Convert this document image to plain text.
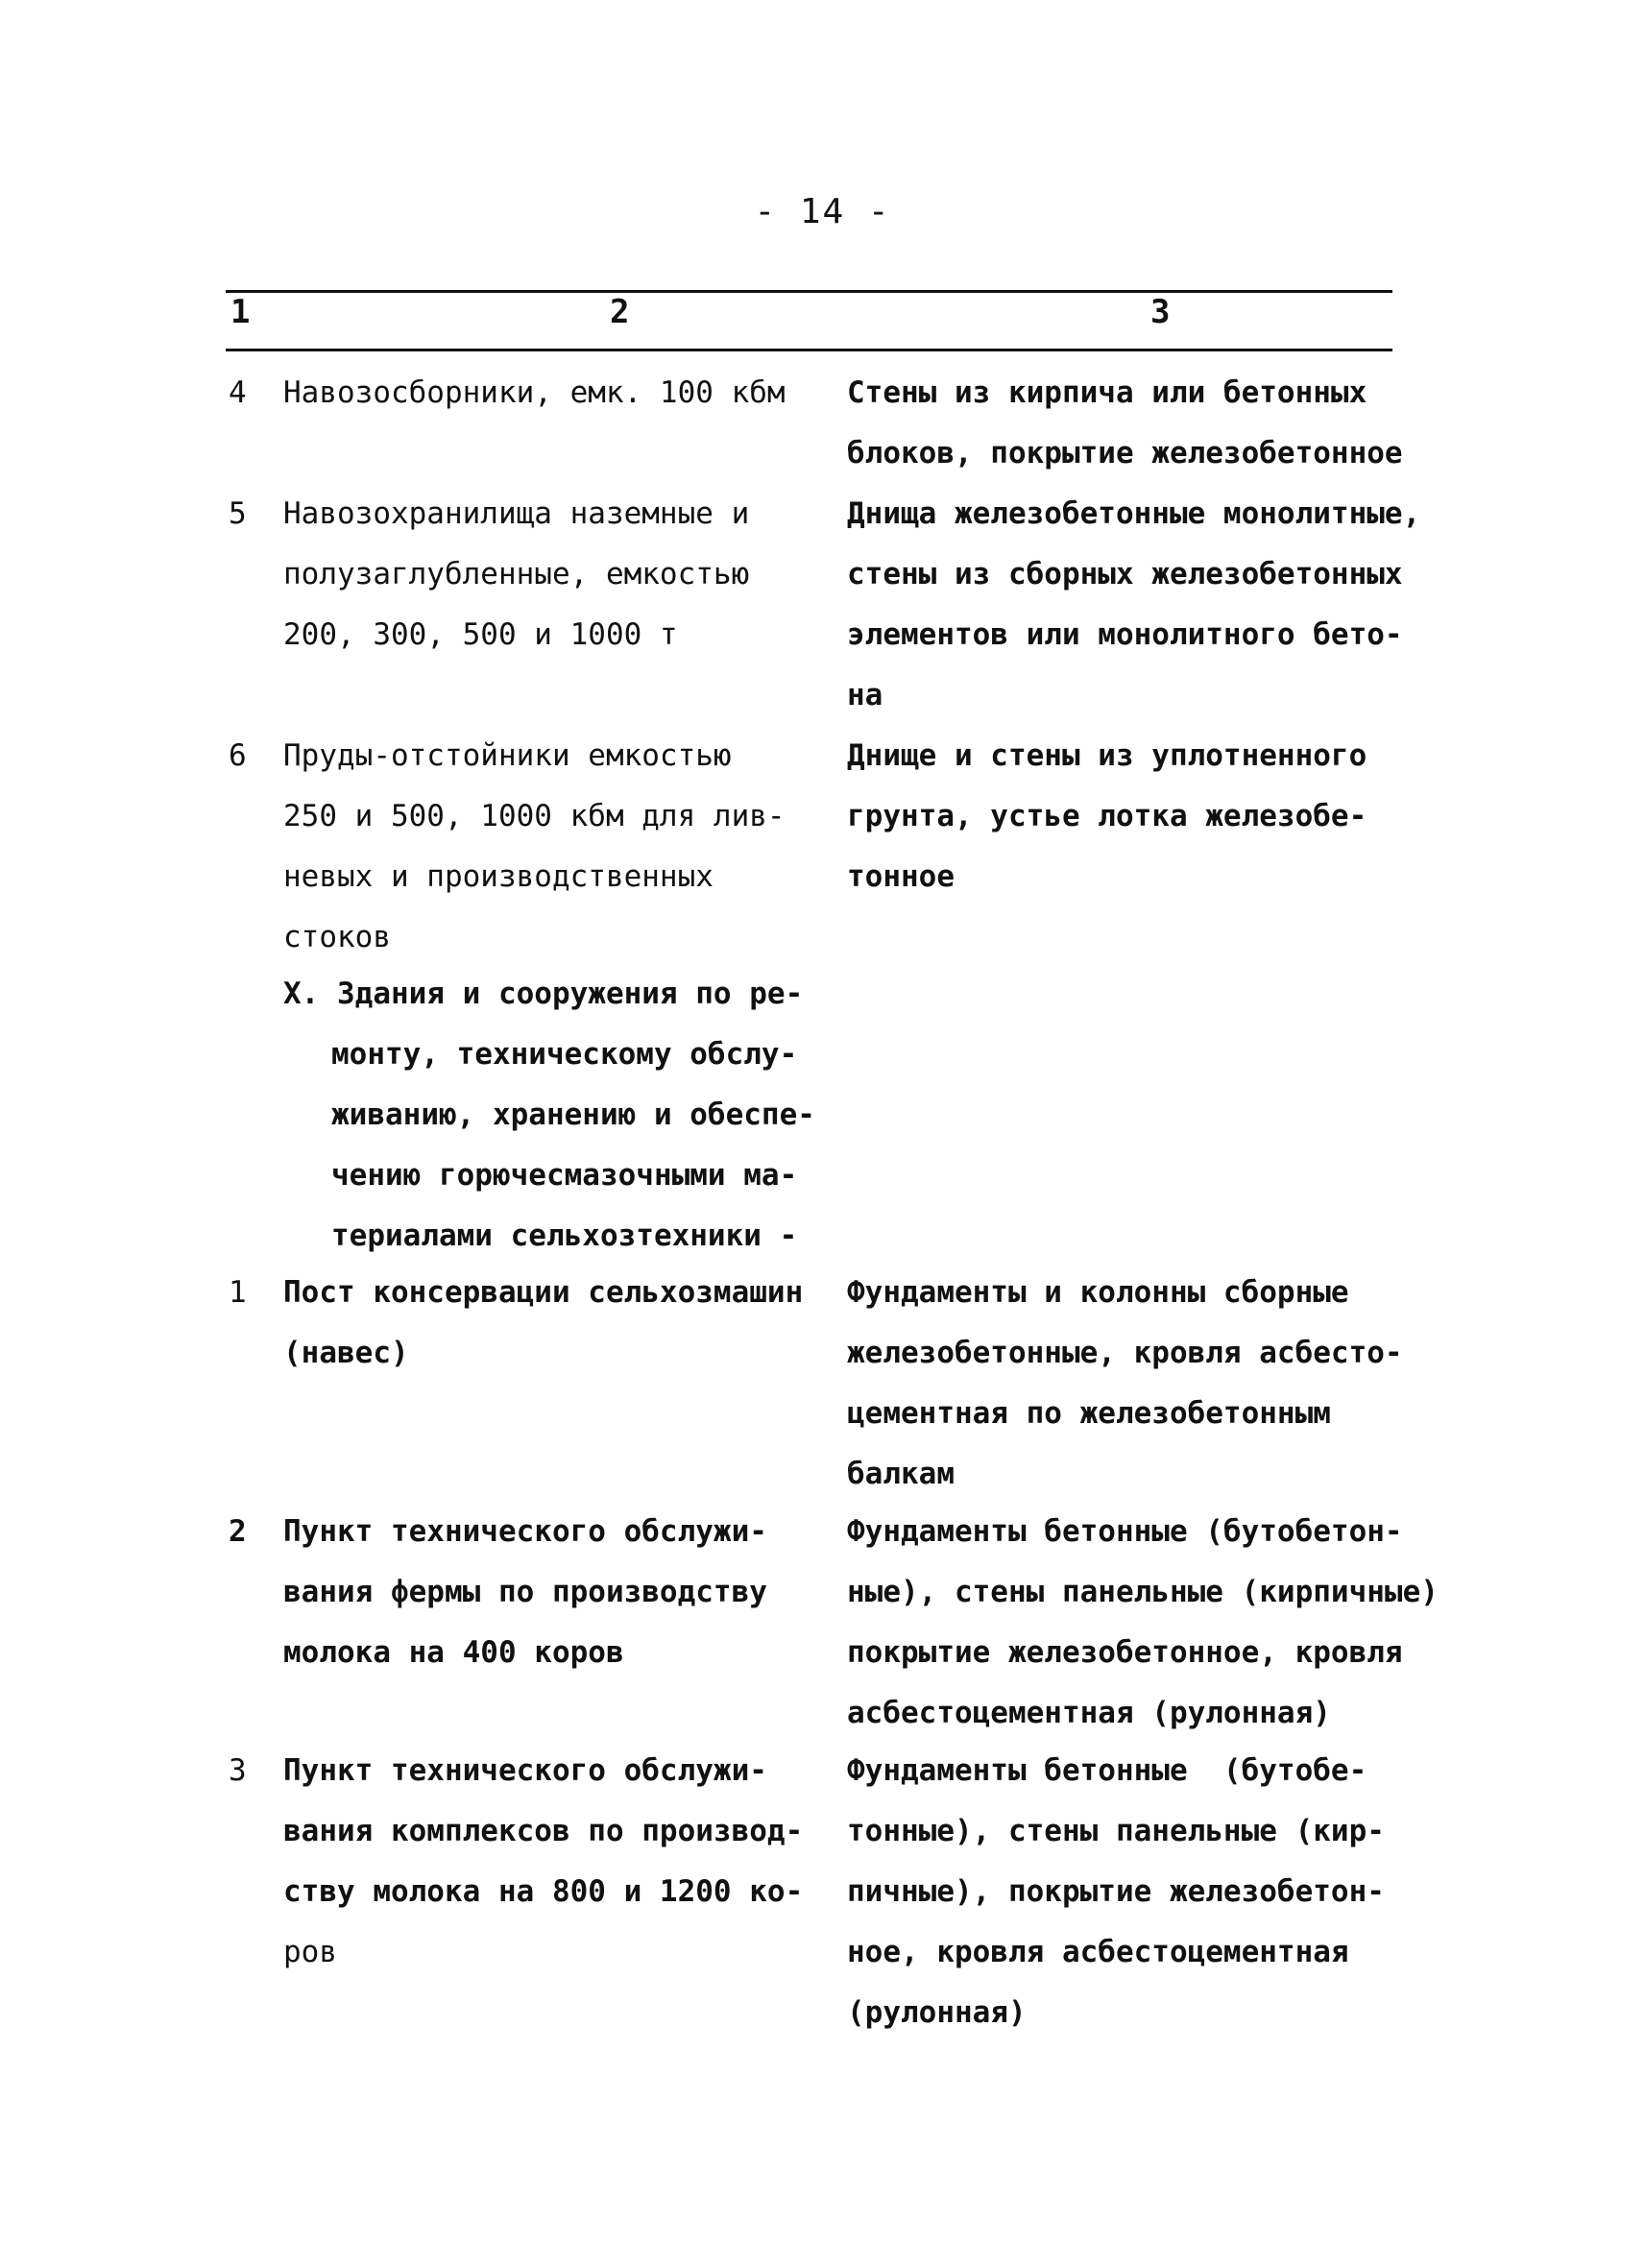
- 14 -
1	2	3
4 Навозосборники, емк. 100 кбм Стены из кирпича или бетонных
блоков, покрытие железобетонное
5 Навозохранилища наземные и
полузаглубленные, емкостью
200, 300, 500 и 1000 т
Днища железобетонные монолитные,
стены из сборных железобетонных
элементов или монолитного бето-
на
6 Пруды-отстойники емкостью
250 и 500, 1000 кбм для лив-
невых и производственных
стоков
Днище и стены из уплотненного
грунта, устье лотка железобе-
тонное
X. Здания и сооружения по ре-
монту, техническому обслу-
живанию, хранению и обеспе-
чению горючесмазочными ма-
териалами сельхозтехники -
1 Пост консервации сельхозмашин
(навес)
Фундаменты и колонны сборные
железобетонные, кровля асбесто-
цементная по железобетонным
балкам
2 Пункт технического обслужи-
вания фермы по производству
молока на 400 коров
Фундаменты бетонные (бутобетон-
ные), стены панельные (кирпичные)
покрытие железобетонное, кровля
асбестоцементная (рулонная)
3 Пункт технического обслужи-
вания комплексов по производ-
ству молока на 800 и 1200 ко-
ров
Фундаменты бетонные  (бутобе-
тонные), стены панельные (кир-
пичные), покрытие железобетон-
ное, кровля асбестоцементная
(рулонная)
